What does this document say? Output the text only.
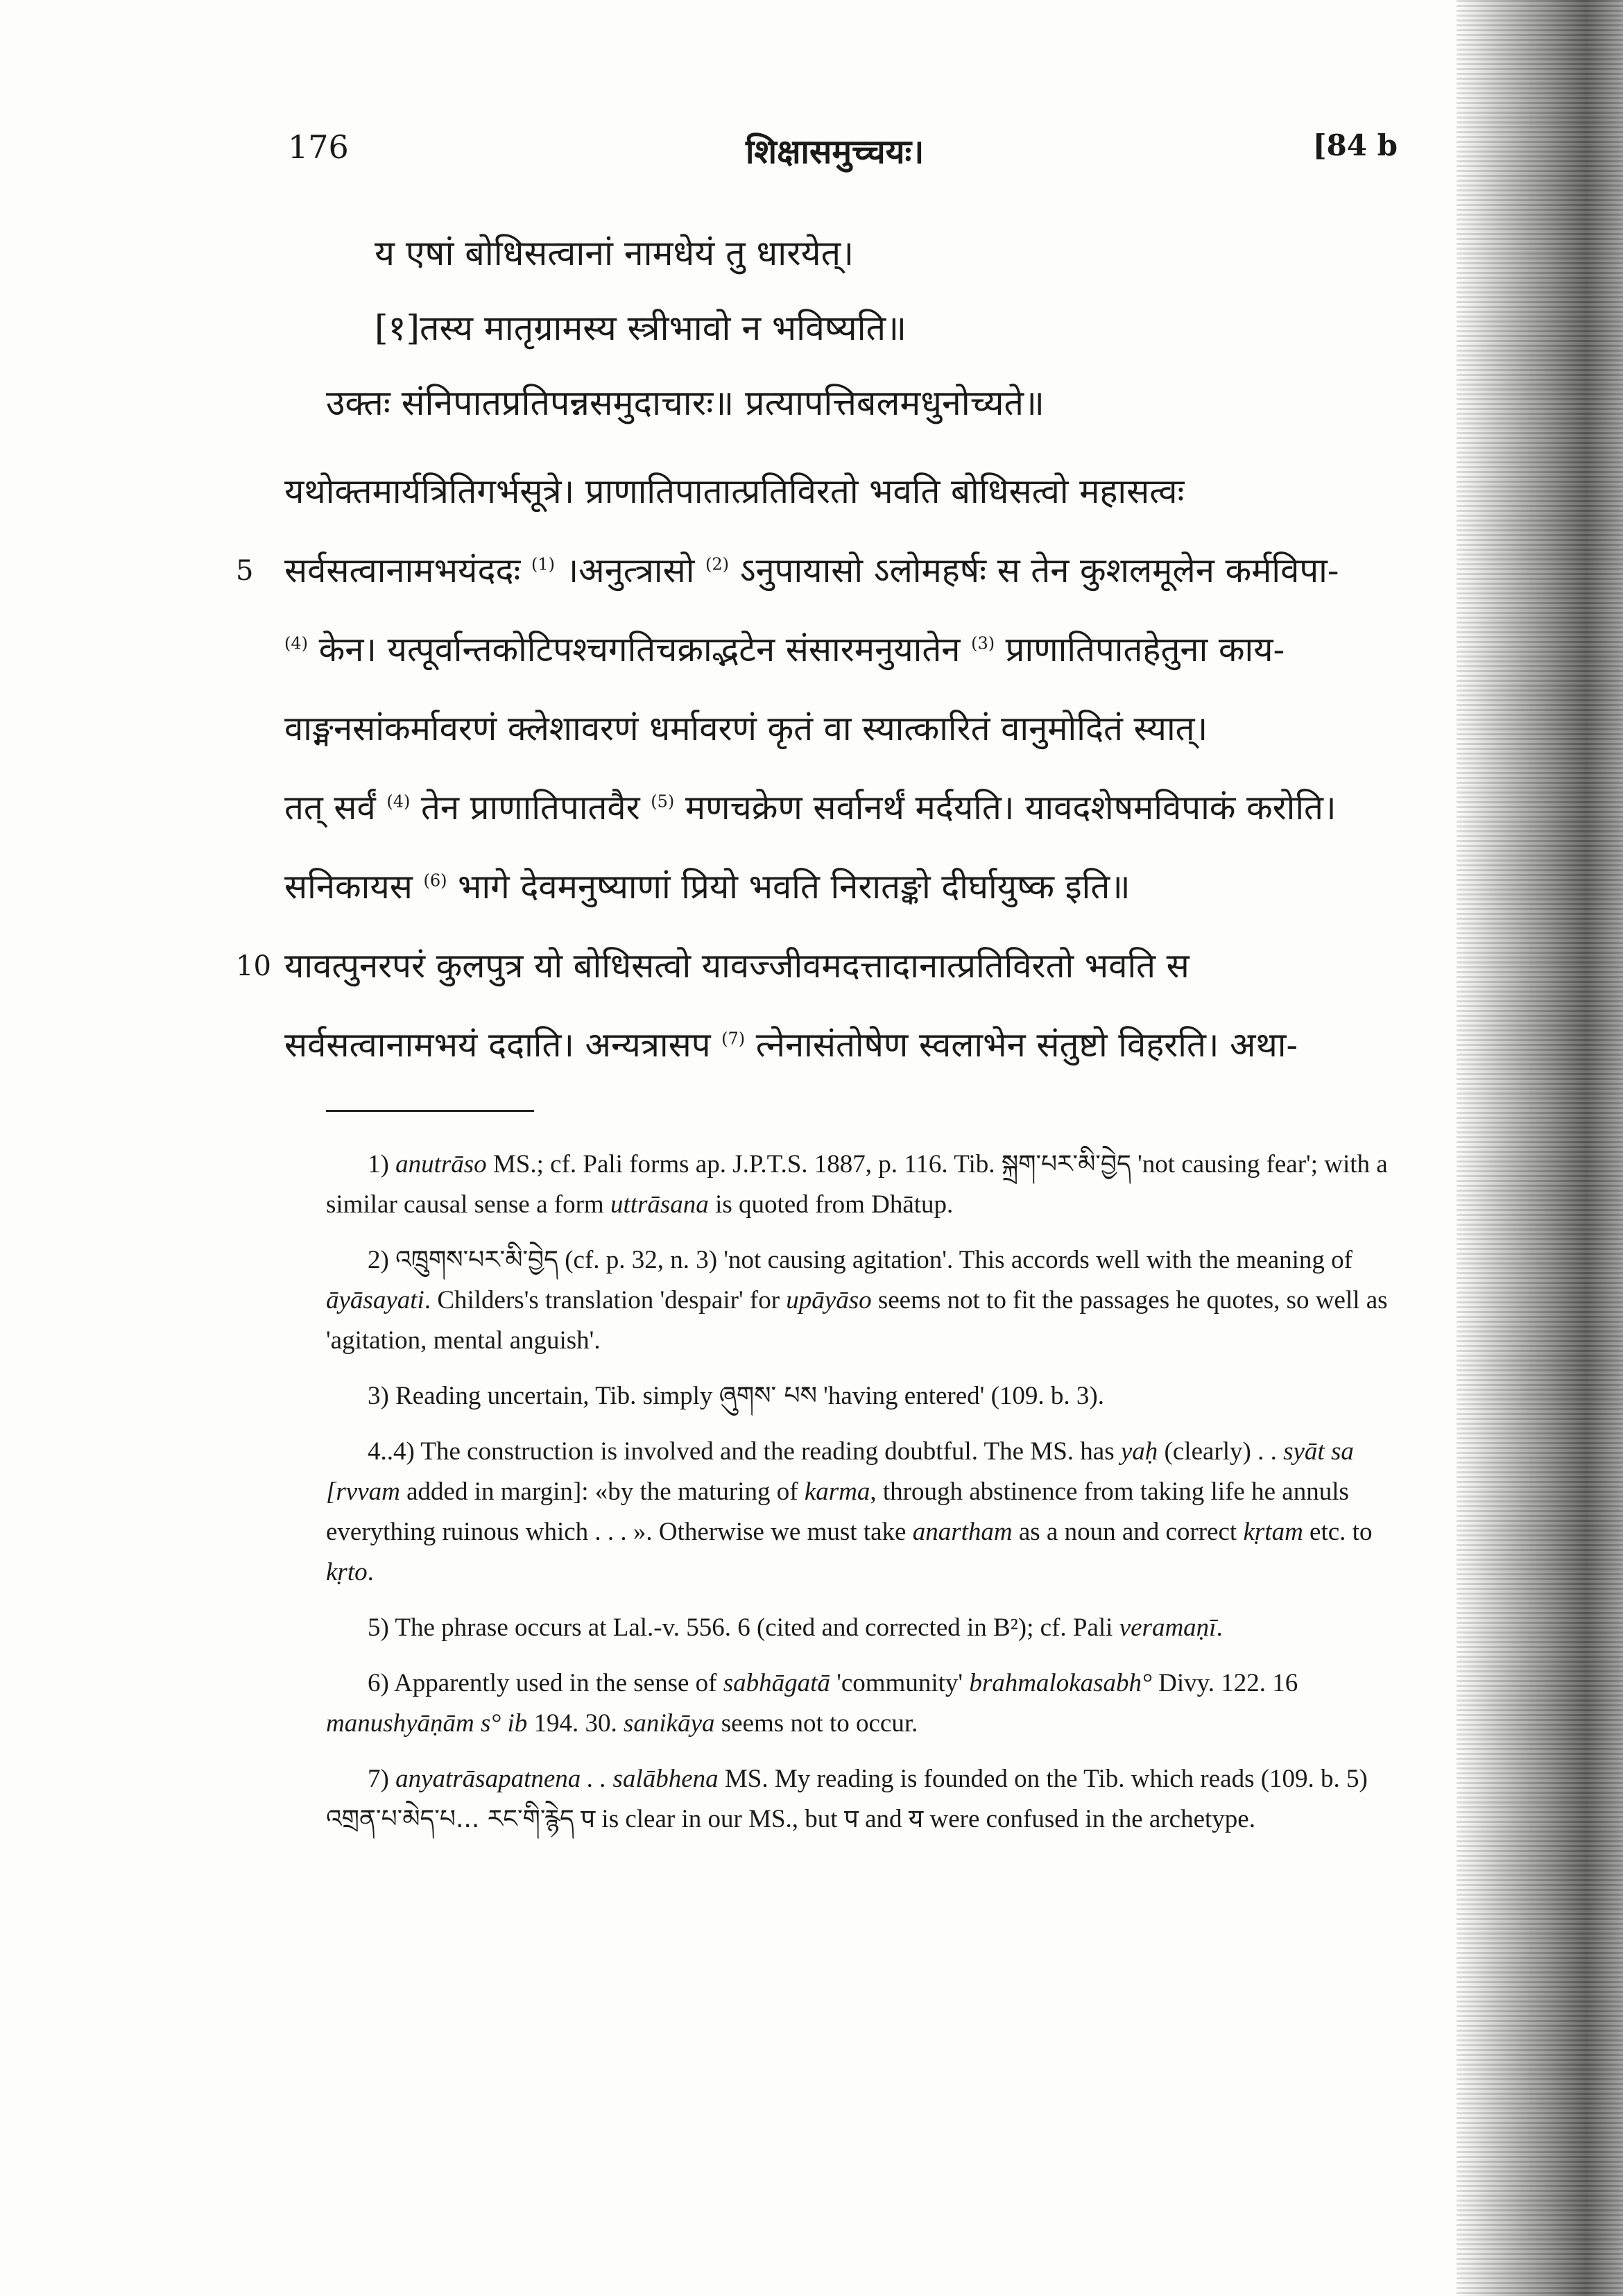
176	शिक्षासमुच्चयः।	[84 b
य एषां बोधिसत्वानां नामधेयं तु धारयेत्।
[१]तस्य मातृग्रामस्य स्त्रीभावो न भविष्यति॥
उक्तः संनिपातप्रतिपन्नसमुदाचारः॥ प्रत्यापत्तिबलमधुनोच्यते॥
यथोक्तमार्यत्रितिगर्भसूत्रे। प्राणातिपातात्प्रतिविरतो भवति बोधिसत्वो महासत्वः
5 सर्वसत्वानामभयंददः $^{(1)}$ ।अनुत्त्रासो $^{(2)}$ ऽनुपायासो ऽलोमहर्षः स तेन कुशलमूलेन कर्मविपा-
$^{(4)}$ केन। यत्पूर्वान्तकोटिपश्चगतिचक्राद्भटेन संसारमनुयातेन $^{(3)}$ प्राणातिपातहेतुना काय-
वाङ्मनसांकर्मावरणं क्लेशावरणं धर्मावरणं कृतं वा स्यात्कारितं वानुमोदितं स्यात्।
तत् सर्वं $^{(4)}$ तेन प्राणातिपातवैर $^{(5)}$ मणचक्रेण सर्वानर्थं मर्दयति। यावदशेषमविपाकं करोति।
सनिकायस $^{(6)}$ भागे देवमनुष्याणां प्रियो भवति निरातङ्को दीर्घायुष्क इति॥
10 यावत्पुनरपरं कुलपुत्र यो बोधिसत्वो यावज्जीवमदत्तादानात्प्रतिविरतो भवति स
सर्वसत्वानामभयं ददाति। अन्यत्रासप $^{(7)}$ त्नेनासंतोषेण स्वलाभेन संतुष्टो विहरति। अथा-

1) anutrāso MS.; cf. Pali forms ap. J.P.T.S. 1887, p. 116. Tib. སྐྲག་པར་མི་བྱེད 'not causing fear'; with a similar causal sense a form uttrāsana is quoted from Dhātup.

2) འཁྲུགས་པར་མི་བྱེད (cf. p. 32, n. 3) 'not causing agitation'. This accords well with the meaning of āyāsayati. Childers's translation 'despair' for upāyāso seems not to fit the passages he quotes, so well as 'agitation, mental anguish'.

3) Reading uncertain, Tib. simply ཞུགས་ པས 'having entered' (109. b. 3).

4..4) The construction is involved and the reading doubtful. The MS. has yaḥ (clearly) . . syāt sa [rvvam added in margin]: «by the maturing of karma, through abstinence from taking life he annuls everything ruinous which . . . ». Otherwise we must take anartham as a noun and correct kṛtam etc. to kṛto.

5) The phrase occurs at Lal.-v. 556. 6 (cited and corrected in B²); cf. Pali veramaṇī.

6) Apparently used in the sense of sabhāgatā 'community' brahmalokasabh° Divy. 122. 16 manushyāṇām s° ib 194. 30. sanikāya seems not to occur.

7) anyatrāsapatnena . . salābhena MS. My reading is founded on the Tib. which reads (109. b. 5) འགྲན་པ་མེད་པ... རང་གི་རྙེད प is clear in our MS., but प and य were confused in the archetype.
